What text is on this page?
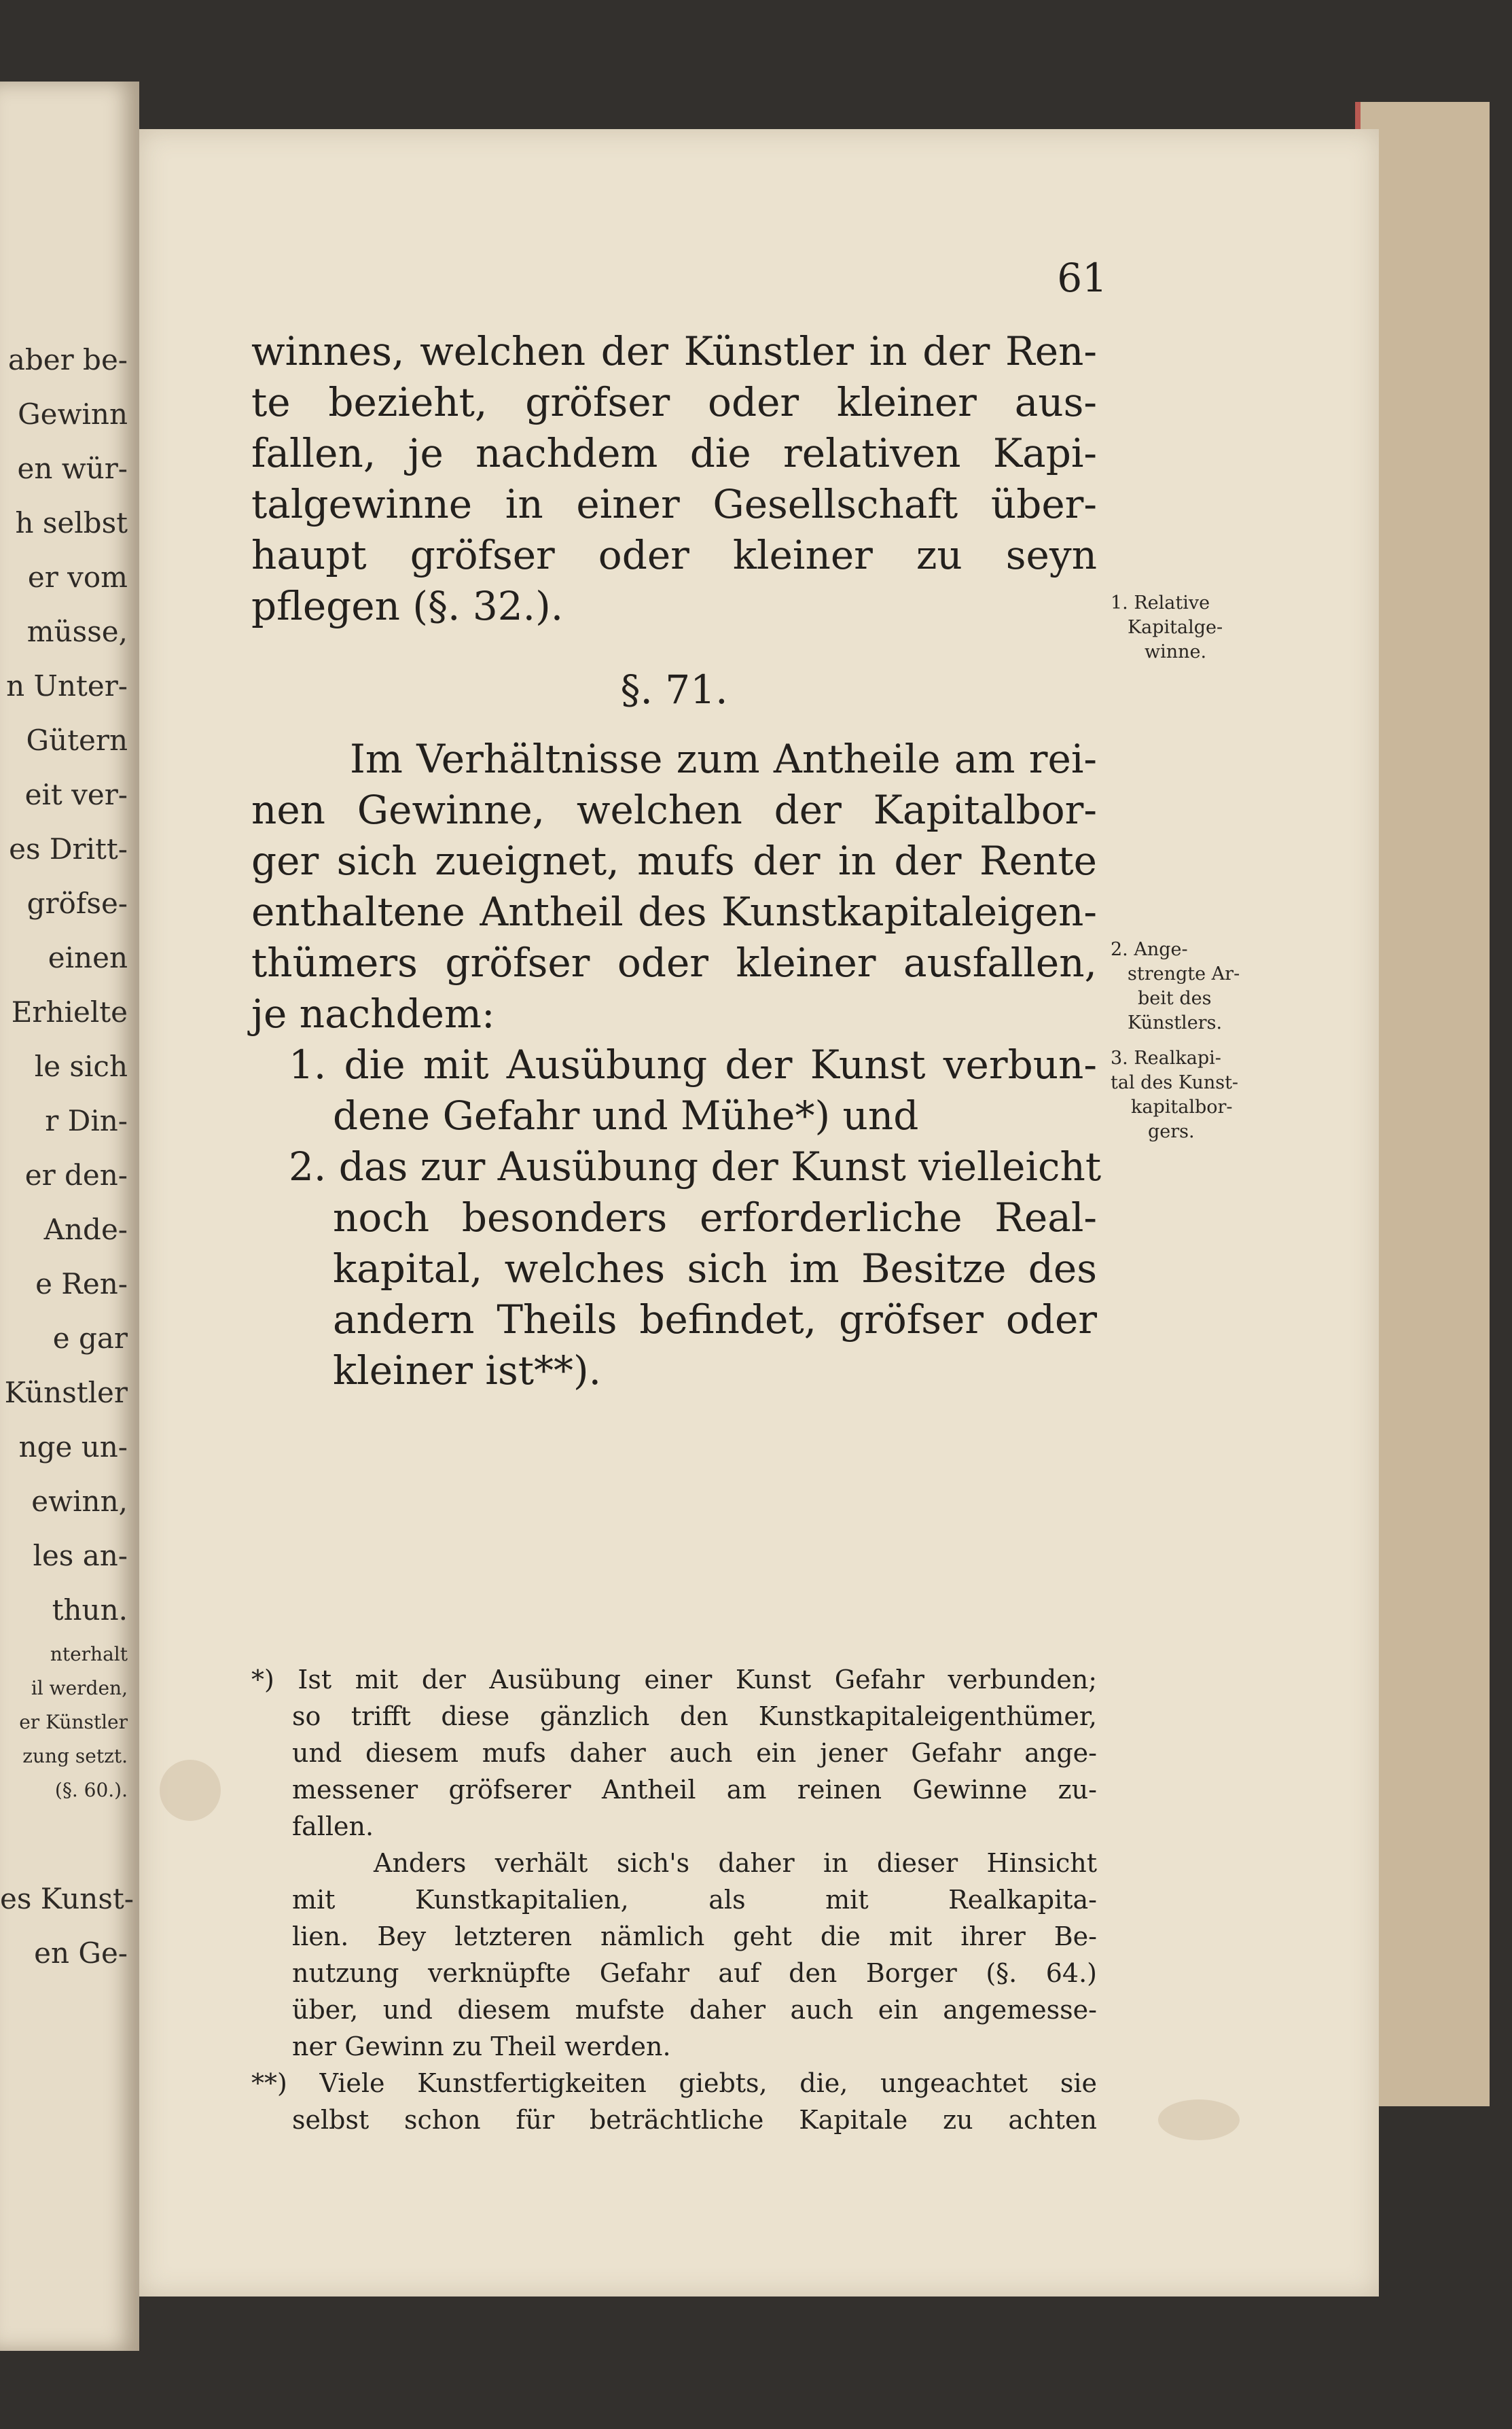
aber be-
Gewinn
en wür-
h selbst
er vom
müsse,
n Unter-
Gütern
eit ver-
es Dritt-
gröfse-
einen
Erhielte
le sich
r Din-
er den-
Ande-
e Ren-
e gar
Künstler
nge un-
ewinn,
les an-
thun.
nterhalt
il werden,
er Künstler
zung setzt.
(§. 60.).
es Kunst-
en Ge-
61
winnes, welchen der Künstler in der Ren-
te bezieht, gröfser oder kleiner aus-
fallen, je nachdem die relativen Kapi-
talgewinne in einer Gesellschaft über-
haupt gröfser oder kleiner zu seyn
pflegen (§. 32.).
§. 71.
Im Verhältnisse zum Antheile am rei-
nen Gewinne, welchen der Kapitalbor-
ger sich zueignet, mufs der in der Rente
enthaltene Antheil des Kunstkapitaleigen-
thümers gröfser oder kleiner ausfallen,
je nachdem:
1. die mit Ausübung der Kunst verbun-
dene Gefahr und Mühe*) und
2. das zur Ausübung der Kunst vielleicht
noch besonders erforderliche Real-
kapital, welches sich im Besitze des
andern Theils befindet, gröfser oder
kleiner ist**).
*) Ist mit der Ausübung einer Kunst Gefahr verbunden;
so trifft diese gänzlich den Kunstkapitaleigenthümer,
und diesem mufs daher auch ein jener Gefahr ange-
messener gröfserer Antheil am reinen Gewinne zu-
fallen.
Anders verhält sich's daher in dieser Hinsicht
mit Kunstkapitalien, als mit Realkapita-
lien. Bey letzteren nämlich geht die mit ihrer Be-
nutzung verknüpfte Gefahr auf den Borger (§. 64.)
über, und diesem mufste daher auch ein angemesse-
ner Gewinn zu Theil werden.
**) Viele Kunstfertigkeiten giebts, die, ungeachtet sie
selbst schon für beträchtliche Kapitale zu achten
1. Relative
Kapitalge-
winne.
2. Ange-
strengte Ar-
beit des
Künstlers.
3. Realkapi-
tal des Kunst-
kapitalbor-
gers.
